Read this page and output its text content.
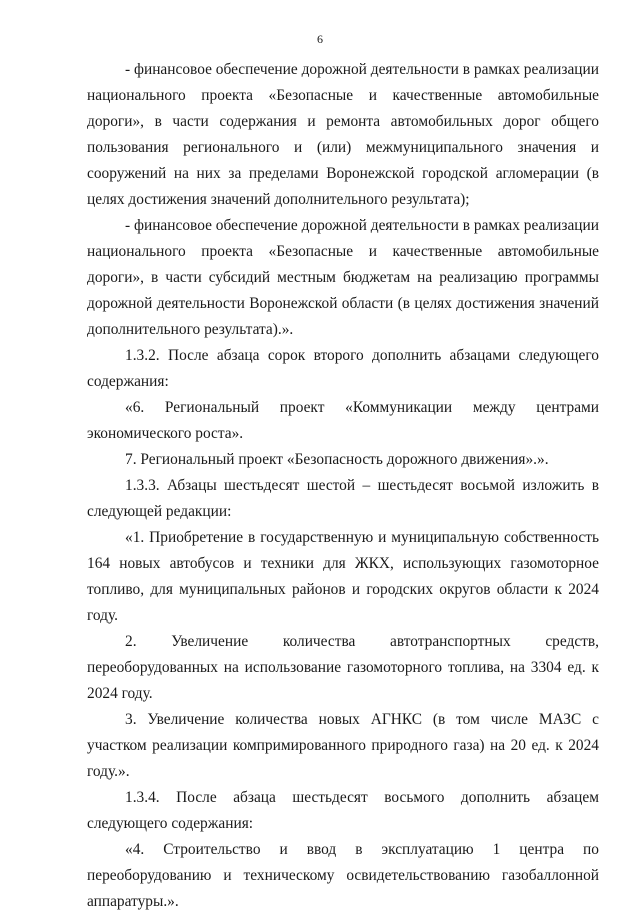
6

- финансовое обеспечение дорожной деятельности в рамках реализации национального проекта «Безопасные и качественные автомобильные дороги», в части содержания и ремонта автомобильных дорог общего пользования регионального и (или) межмуниципального значения и сооружений на них за пределами Воронежской городской агломерации (в целях достижения значений дополнительного результата);

- финансовое обеспечение дорожной деятельности в рамках реализации национального проекта «Безопасные и качественные автомобильные дороги», в части субсидий местным бюджетам на реализацию программы дорожной деятельности Воронежской области (в целях достижения значений дополнительного результата).».

1.3.2. После абзаца сорок второго дополнить абзацами следующего содержания:

«6. Региональный проект «Коммуникации между центрами экономического роста».

7. Региональный проект «Безопасность дорожного движения».».

1.3.3. Абзацы шестьдесят шестой – шестьдесят восьмой изложить в следующей редакции:

«1. Приобретение в государственную и муниципальную собственность 164 новых автобусов и техники для ЖКХ, использующих газомоторное топливо, для муниципальных районов и городских округов области к 2024 году.

2. Увеличение количества автотранспортных средств, переоборудованных на использование газомоторного топлива, на 3304 ед. к 2024 году.

3. Увеличение количества новых АГНКС (в том числе МАЗС с участком реализации компримированного природного газа) на 20 ед. к 2024 году.».

1.3.4. После абзаца шестьдесят восьмого дополнить абзацем следующего содержания:

«4. Строительство и ввод в эксплуатацию 1 центра по переоборудованию и техническому освидетельствованию газобаллонной аппаратуры.».
